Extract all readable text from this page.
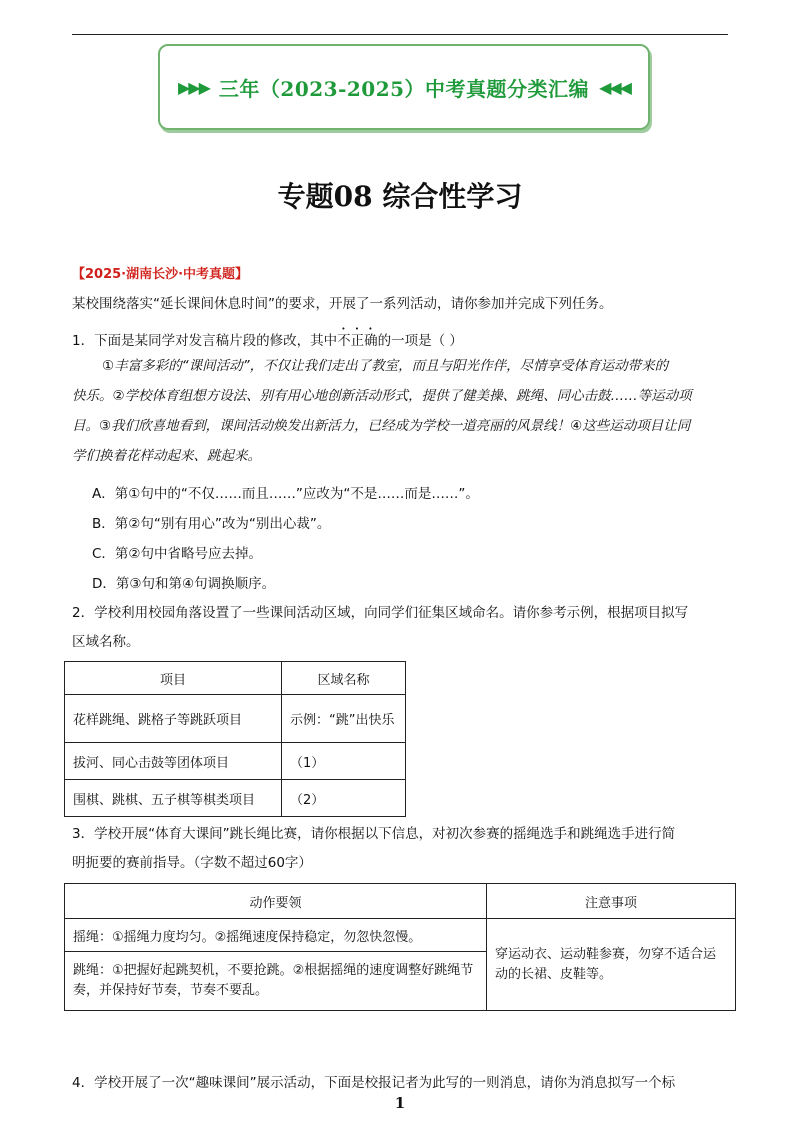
▶▶▶ 三年（2023-2025）中考真题分类汇编 ◀◀◀
专题08 综合性学习
【2025·湖南长沙·中考真题】
某校围绕落实“延长课间休息时间”的要求，开展了一系列活动，请你参加并完成下列任务。
1．下面是某同学对发言稿片段的修改，其中不正确的一项是（ ）
①丰富多彩的“课间活动”，不仅让我们走出了教室，而且与阳光作伴，尽情享受体育运动带来的
快乐。②学校体育组想方设法、别有用心地创新活动形式，提供了健美操、跳绳、同心击鼓……等运动项
目。③我们欣喜地看到，课间活动焕发出新活力，已经成为学校一道亮丽的风景线！④这些运动项目让同
学们换着花样动起来、跳起来。
A．第①句中的“不仅……而且……”应改为“不是……而是……”。
B．第②句“别有用心”改为“别出心裁”。
C．第②句中省略号应去掉。
D．第③句和第④句调换顺序。
2．学校利用校园角落设置了一些课间活动区域，向同学们征集区域命名。请你参考示例，根据项目拟写
区域名称。
项目	区域名称
花样跳绳、跳格子等跳跃项目	示例：“跳”出快乐
拔河、同心击鼓等团体项目	（1）
围棋、跳棋、五子棋等棋类项目	（2）
3．学校开展“体育大课间”跳长绳比赛，请你根据以下信息，对初次参赛的摇绳选手和跳绳选手进行简
明扼要的赛前指导。（字数不超过60字）
动作要领	注意事项
摇绳：①摇绳力度均匀。②摇绳速度保持稳定，勿忽快忽慢。	穿运动衣、运动鞋参赛，勿穿不适合运动的长裙、皮鞋等。
跳绳：①把握好起跳契机，不要抢跳。②根据摇绳的速度调整好跳绳节奏，并保持好节奏，节奏不要乱。	
4．学校开展了一次“趣味课间”展示活动，下面是校报记者为此写的一则消息，请你为消息拟写一个标
1
